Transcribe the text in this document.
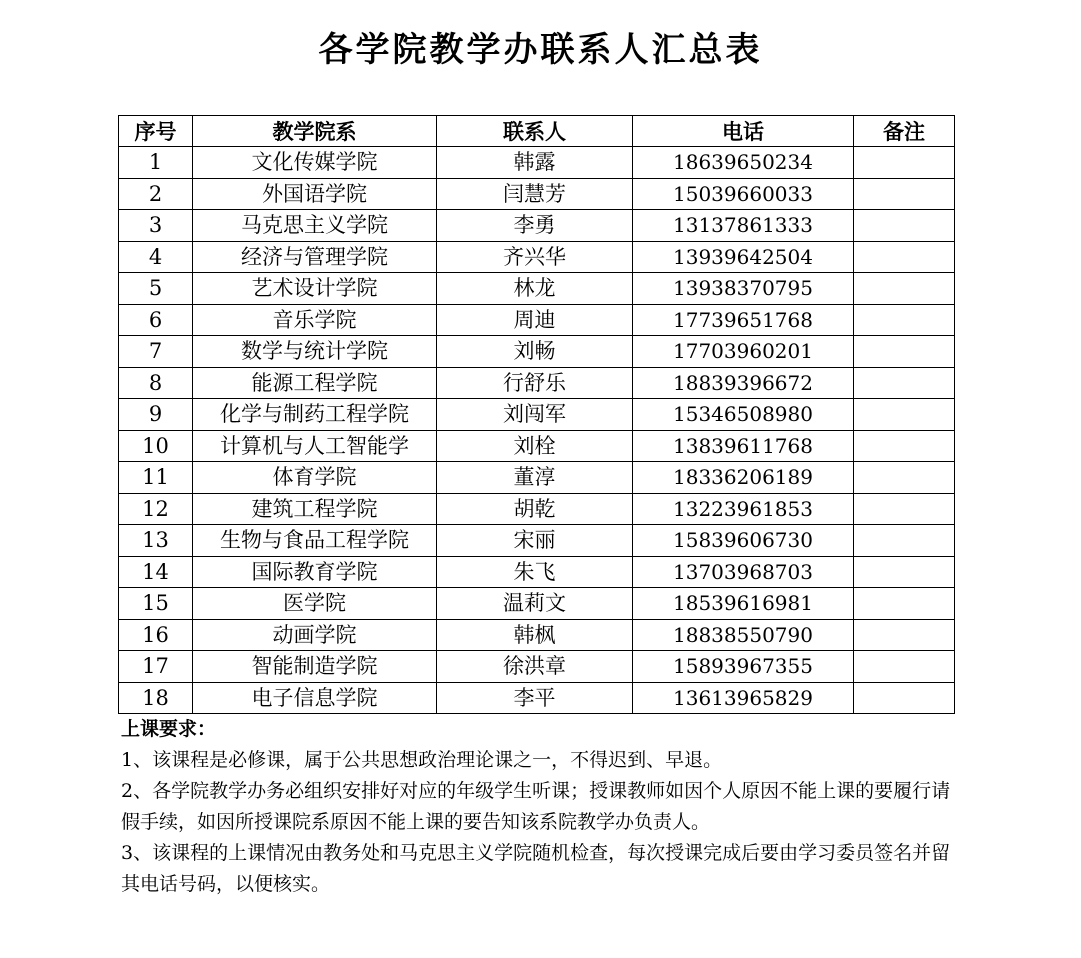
各学院教学办联系人汇总表
序号	教学院系	联系人	电话	备注
1	文化传媒学院	韩露	18639650234	
2	外国语学院	闫慧芳	15039660033	
3	马克思主义学院	李勇	13137861333	
4	经济与管理学院	齐兴华	13939642504	
5	艺术设计学院	林龙	13938370795	
6	音乐学院	周迪	17739651768	
7	数学与统计学院	刘畅	17703960201	
8	能源工程学院	行舒乐	18839396672	
9	化学与制药工程学院	刘闯军	15346508980	
10	计算机与人工智能学	刘栓	13839611768	
11	体育学院	董淳	18336206189	
12	建筑工程学院	胡乾	13223961853	
13	生物与食品工程学院	宋丽	15839606730	
14	国际教育学院	朱飞	13703968703	
15	医学院	温莉文	18539616981	
16	动画学院	韩枫	18838550790	
17	智能制造学院	徐洪章	15893967355	
18	电子信息学院	李平	13613965829	
上课要求：

1、该课程是必修课，属于公共思想政治理论课之一，不得迟到、早退。

2、各学院教学办务必组织安排好对应的年级学生听课；授课教师如因个人原因不能上课的要履行请假手续，如因所授课院系原因不能上课的要告知该系院教学办负责人。

3、该课程的上课情况由教务处和马克思主义学院随机检查，每次授课完成后要由学习委员签名并留其电话号码，以便核实。
